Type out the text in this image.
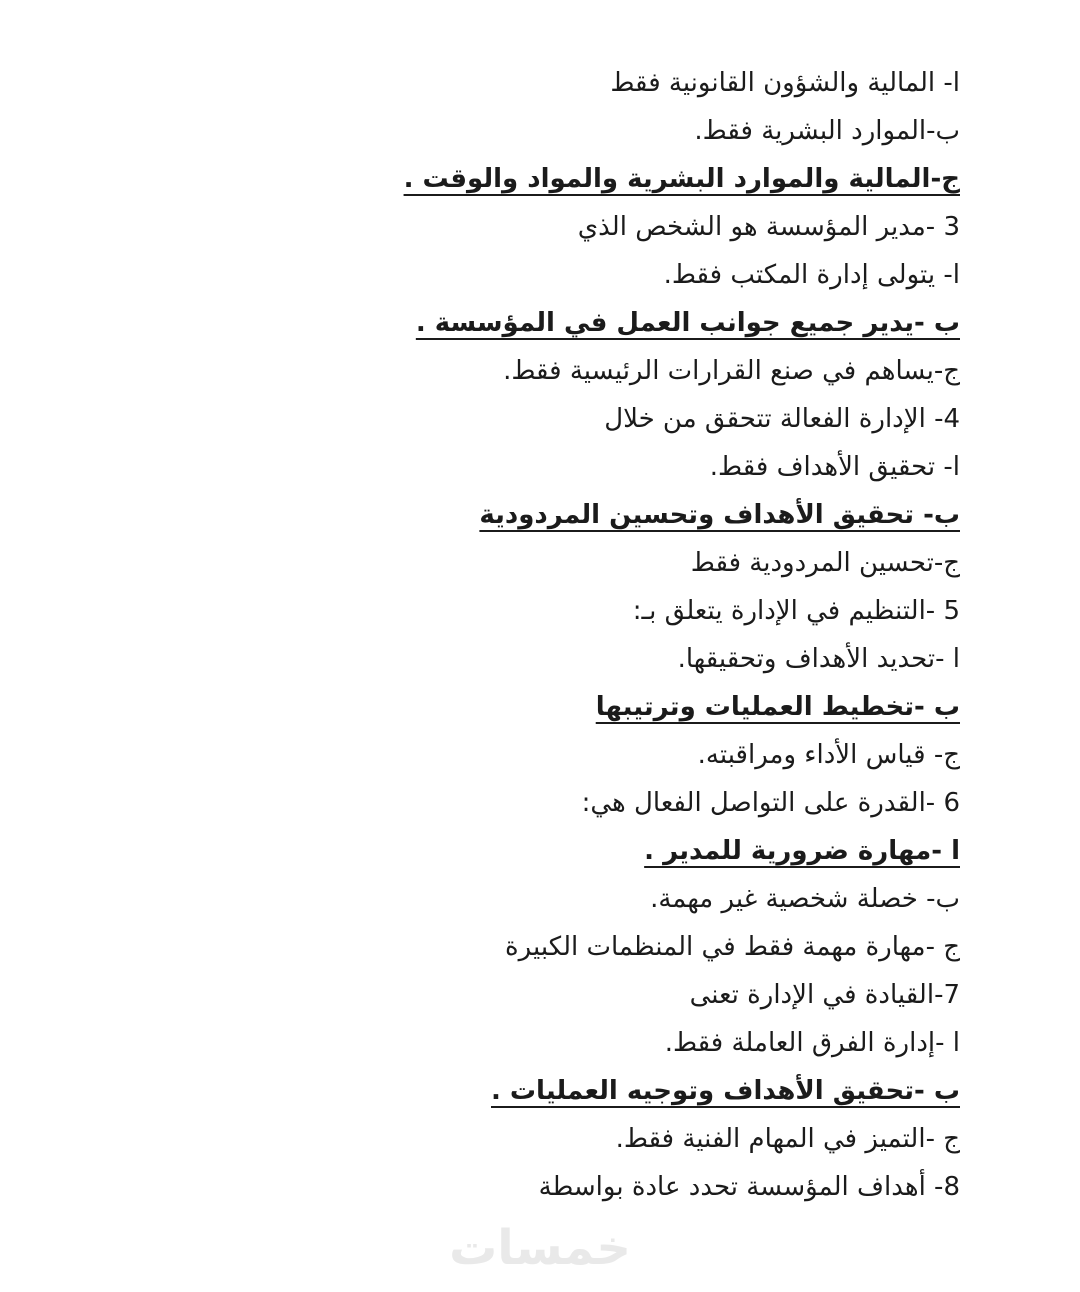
ا- المالية والشؤون القانونية فقط
ب-الموارد البشرية فقط.
ج-المالية والموارد البشرية والمواد والوقت .
3 -مدير المؤسسة هو الشخص الذي
ا- يتولى إدارة المكتب فقط.
ب -يدير جميع جوانب العمل في المؤسسة .
ج-يساهم في صنع القرارات الرئيسية فقط.
4- الإدارة الفعالة تتحقق من خلال
ا- تحقيق الأهداف فقط.
ب- تحقيق الأهداف وتحسين المردودية
ج-تحسين المردودية فقط
5 -التنظيم في الإدارة يتعلق بـ:
ا -تحديد الأهداف وتحقيقها.
ب -تخطيط العمليات وترتيبها
ج- قياس الأداء ومراقبته.
6 -القدرة على التواصل الفعال هي:
ا -مهارة ضرورية للمدير .
ب- خصلة شخصية غير مهمة.
ج -مهارة مهمة فقط في المنظمات الكبيرة
7-القيادة في الإدارة تعنى
ا -إدارة الفرق العاملة فقط.
ب -تحقيق الأهداف وتوجيه العمليات .
ج -التميز في المهام الفنية فقط.
8- أهداف المؤسسة تحدد عادة بواسطة
خمسات
